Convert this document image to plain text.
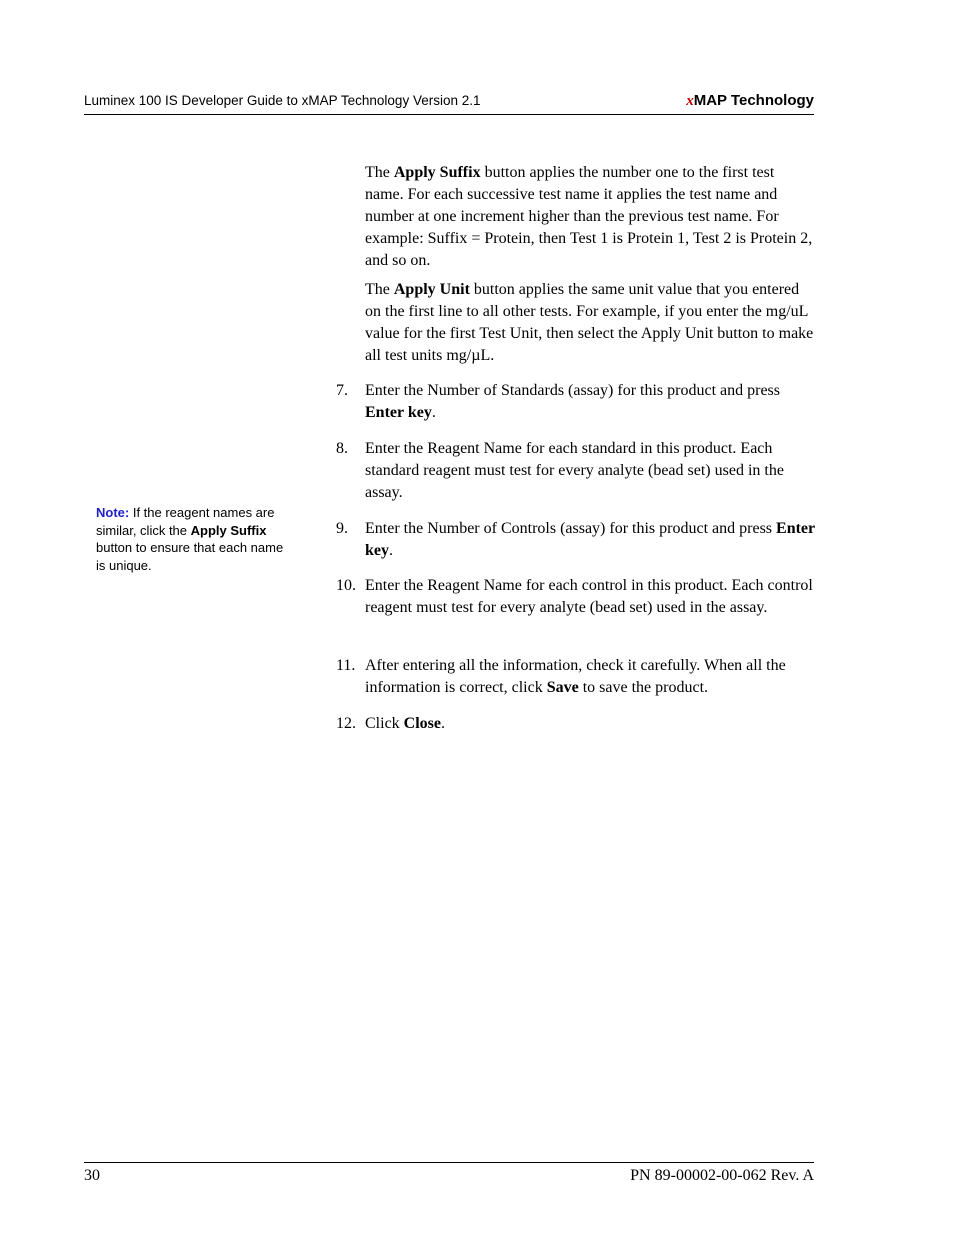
Luminex 100 IS Developer Guide to xMAP Technology Version 2.1	xMAP Technology

The Apply Suffix button applies the number one to the first test name. For each successive test name it applies the test name and number at one increment higher than the previous test name. For example: Suffix = Protein, then Test 1 is Protein 1, Test 2 is Protein 2, and so on.

The Apply Unit button applies the same unit value that you entered on the first line to all other tests. For example, if you enter the mg/uL value for the first Test Unit, then select the Apply Unit button to make all test units mg/µL.

7. Enter the Number of Standards (assay) for this product and press Enter key.
8. Enter the Reagent Name for each standard in this product. Each standard reagent must test for every analyte (bead set) used in the assay.
9. Enter the Number of Controls (assay) for this product and press Enter key.
10. Enter the Reagent Name for each control in this product. Each control reagent must test for every analyte (bead set) used in the assay.
11. After entering all the information, check it carefully. When all the information is correct, click Save to save the product.
12. Click Close.
Note: If the reagent names are similar, click the Apply Suffix button to ensure that each name is unique.
30	PN 89-00002-00-062 Rev. A
